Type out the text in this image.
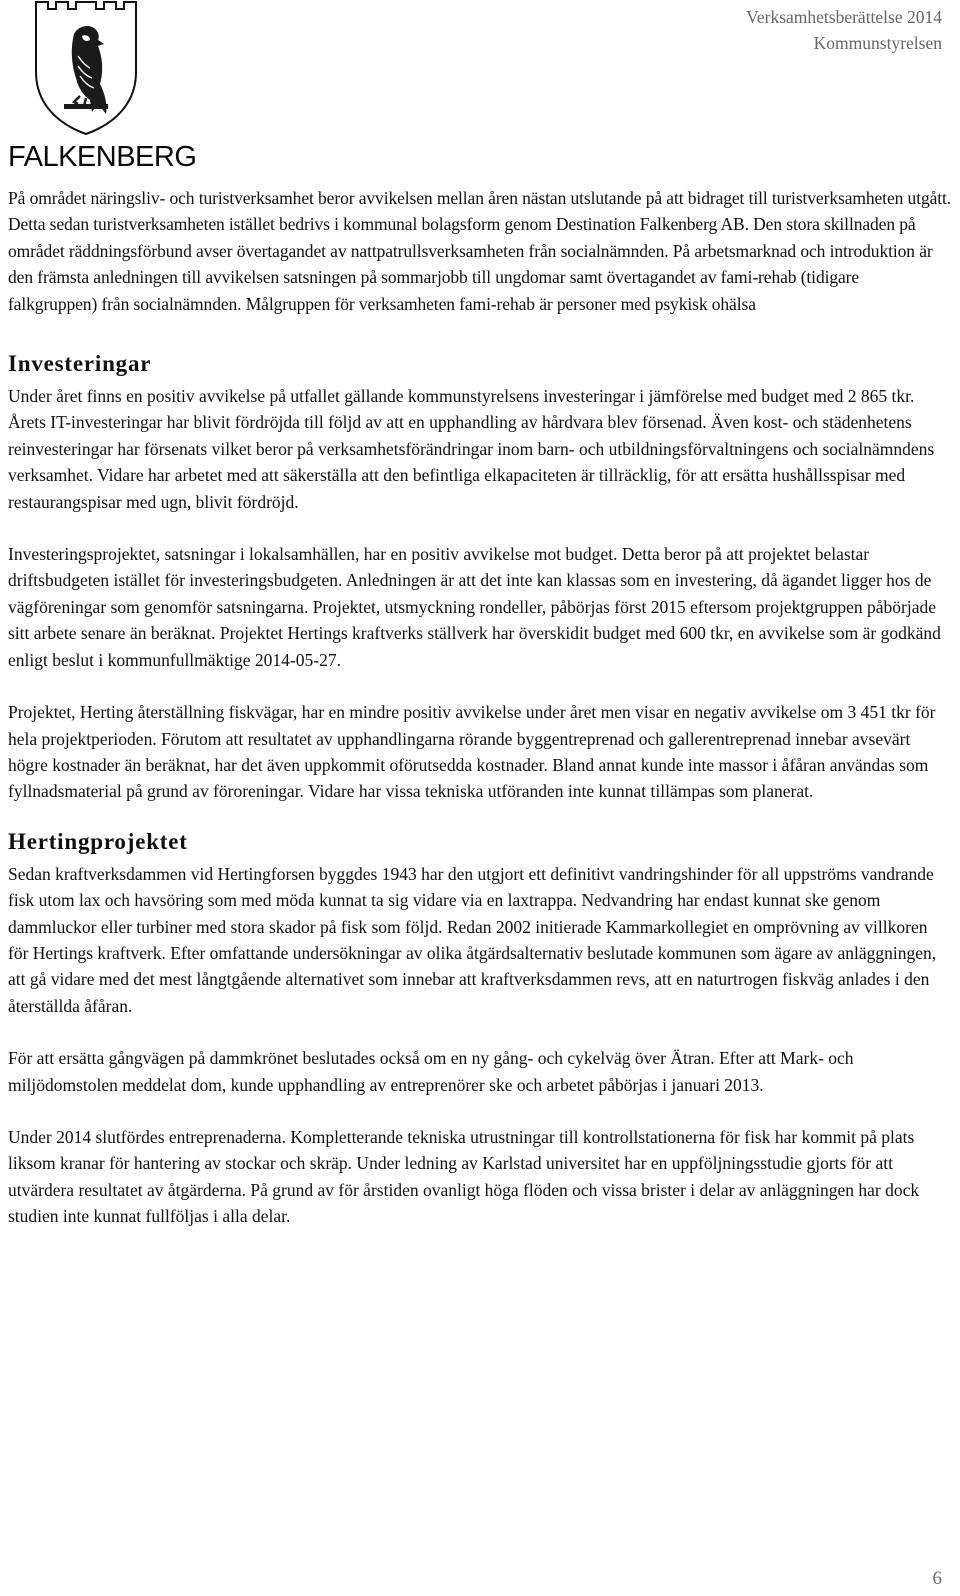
FALKENBERG
Verksamhetsberättelse 2014
Kommunstyrelsen

På området näringsliv- och turistverksamhet beror avvikelsen mellan åren nästan utslutande på att bidraget till turistverksamheten utgått. Detta sedan turistverksamheten istället bedrivs i kommunal bolagsform genom Destination Falkenberg AB. Den stora skillnaden på området räddningsförbund avser övertagandet av nattpatrullsverksamheten från socialnämnden. På arbetsmarknad och introduktion är den främsta anledningen till avvikelsen satsningen på sommarjobb till ungdomar samt övertagandet av fami-rehab (tidigare falkgruppen) från socialnämnden. Målgruppen för verksamheten fami-rehab är personer med psykisk ohälsa

Investeringar

Under året finns en positiv avvikelse på utfallet gällande kommunstyrelsens investeringar i jämförelse med budget med 2 865 tkr. Årets IT-investeringar har blivit fördröjda till följd av att en upphandling av hårdvara blev försenad. Även kost- och städenhetens reinvesteringar har försenats vilket beror på verksamhetsförändringar inom barn- och utbildningsförvaltningens och socialnämndens verksamhet. Vidare har arbetet med att säkerställa att den befintliga elkapaciteten är tillräcklig, för att ersätta hushållsspisar med restaurangspisar med ugn, blivit fördröjd.

Investeringsprojektet, satsningar i lokalsamhällen, har en positiv avvikelse mot budget. Detta beror på att projektet belastar driftsbudgeten istället för investeringsbudgeten. Anledningen är att det inte kan klassas som en investering, då ägandet ligger hos de vägföreningar som genomför satsningarna. Projektet, utsmyckning rondeller, påbörjas först 2015 eftersom projektgruppen påbörjade sitt arbete senare än beräknat. Projektet Hertings kraftverks ställverk har överskidit budget med 600 tkr, en avvikelse som är godkänd enligt beslut i kommunfullmäktige 2014-05-27.

Projektet, Herting återställning fiskvägar, har en mindre positiv avvikelse under året men visar en negativ avvikelse om 3 451 tkr för hela projektperioden. Förutom att resultatet av upphandlingarna rörande byggentreprenad och gallerentreprenad innebar avsevärt högre kostnader än beräknat, har det även uppkommit oförutsedda kostnader. Bland annat kunde inte massor i åfåran användas som fyllnadsmaterial på grund av föroreningar. Vidare har vissa tekniska utföranden inte kunnat tillämpas som planerat.

Hertingprojektet

Sedan kraftverksdammen vid Hertingforsen byggdes 1943 har den utgjort ett definitivt vandringshinder för all uppströms vandrande fisk utom lax och havsöring som med möda kunnat ta sig vidare via en laxtrappa. Nedvandring har endast kunnat ske genom dammluckor eller turbiner med stora skador på fisk som följd. Redan 2002 initierade Kammarkollegiet en omprövning av villkoren för Hertings kraftverk. Efter omfattande undersökningar av olika åtgärdsalternativ beslutade kommunen som ägare av anläggningen, att gå vidare med det mest långtgående alternativet som innebar att kraftverksdammen revs, att en naturtrogen fiskväg anlades i den återställda åfåran.

För att ersätta gångvägen på dammkrönet beslutades också om en ny gång- och cykelväg över Ätran. Efter att Mark- och miljödomstolen meddelat dom, kunde upphandling av entreprenörer ske och arbetet påbörjas i januari 2013.

Under 2014 slutfördes entreprenaderna. Kompletterande tekniska utrustningar till kontrollstationerna för fisk har kommit på plats liksom kranar för hantering av stockar och skräp. Under ledning av Karlstad universitet har en uppföljningsstudie gjorts för att utvärdera resultatet av åtgärderna. På grund av för årstiden ovanligt höga flöden och vissa brister i delar av anläggningen har dock studien inte kunnat fullföljas i alla delar.

6
